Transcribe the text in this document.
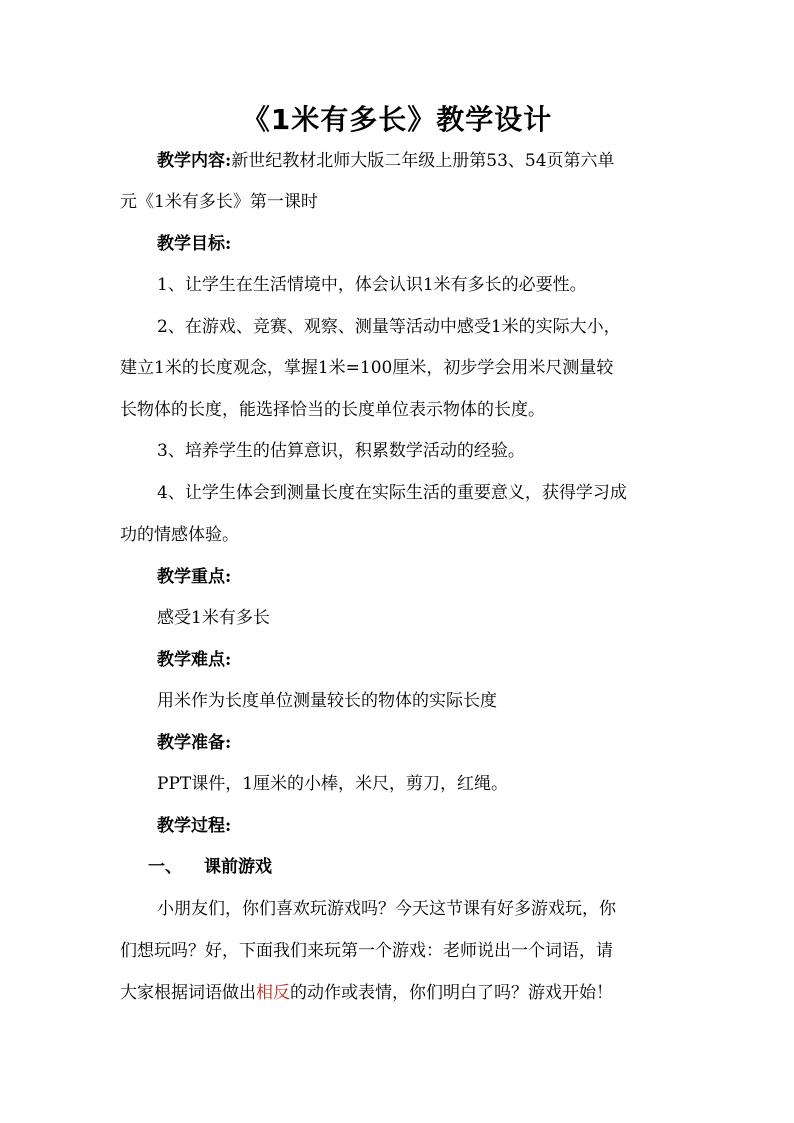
《1米有多长》教学设计
教学内容:新世纪教材北师大版二年级上册第53、54页第六单
元《1米有多长》第一课时
教学目标:
1、让学生在生活情境中，体会认识1米有多长的必要性。
2、在游戏、竞赛、观察、测量等活动中感受1米的实际大小，
建立1米的长度观念，掌握1米=100厘米，初步学会用米尺测量较
长物体的长度，能选择恰当的长度单位表示物体的长度。
3、培养学生的估算意识，积累数学活动的经验。
4、让学生体会到测量长度在实际生活的重要意义，获得学习成
功的情感体验。
教学重点:
感受1米有多长
教学难点:
用米作为长度单位测量较长的物体的实际长度
教学准备:
PPT课件，1厘米的小棒，米尺，剪刀，红绳。
教学过程:
一、 课前游戏
小朋友们，你们喜欢玩游戏吗？今天这节课有好多游戏玩，你
们想玩吗？好，下面我们来玩第一个游戏：老师说出一个词语，请
大家根据词语做出相反的动作或表情，你们明白了吗？游戏开始！
